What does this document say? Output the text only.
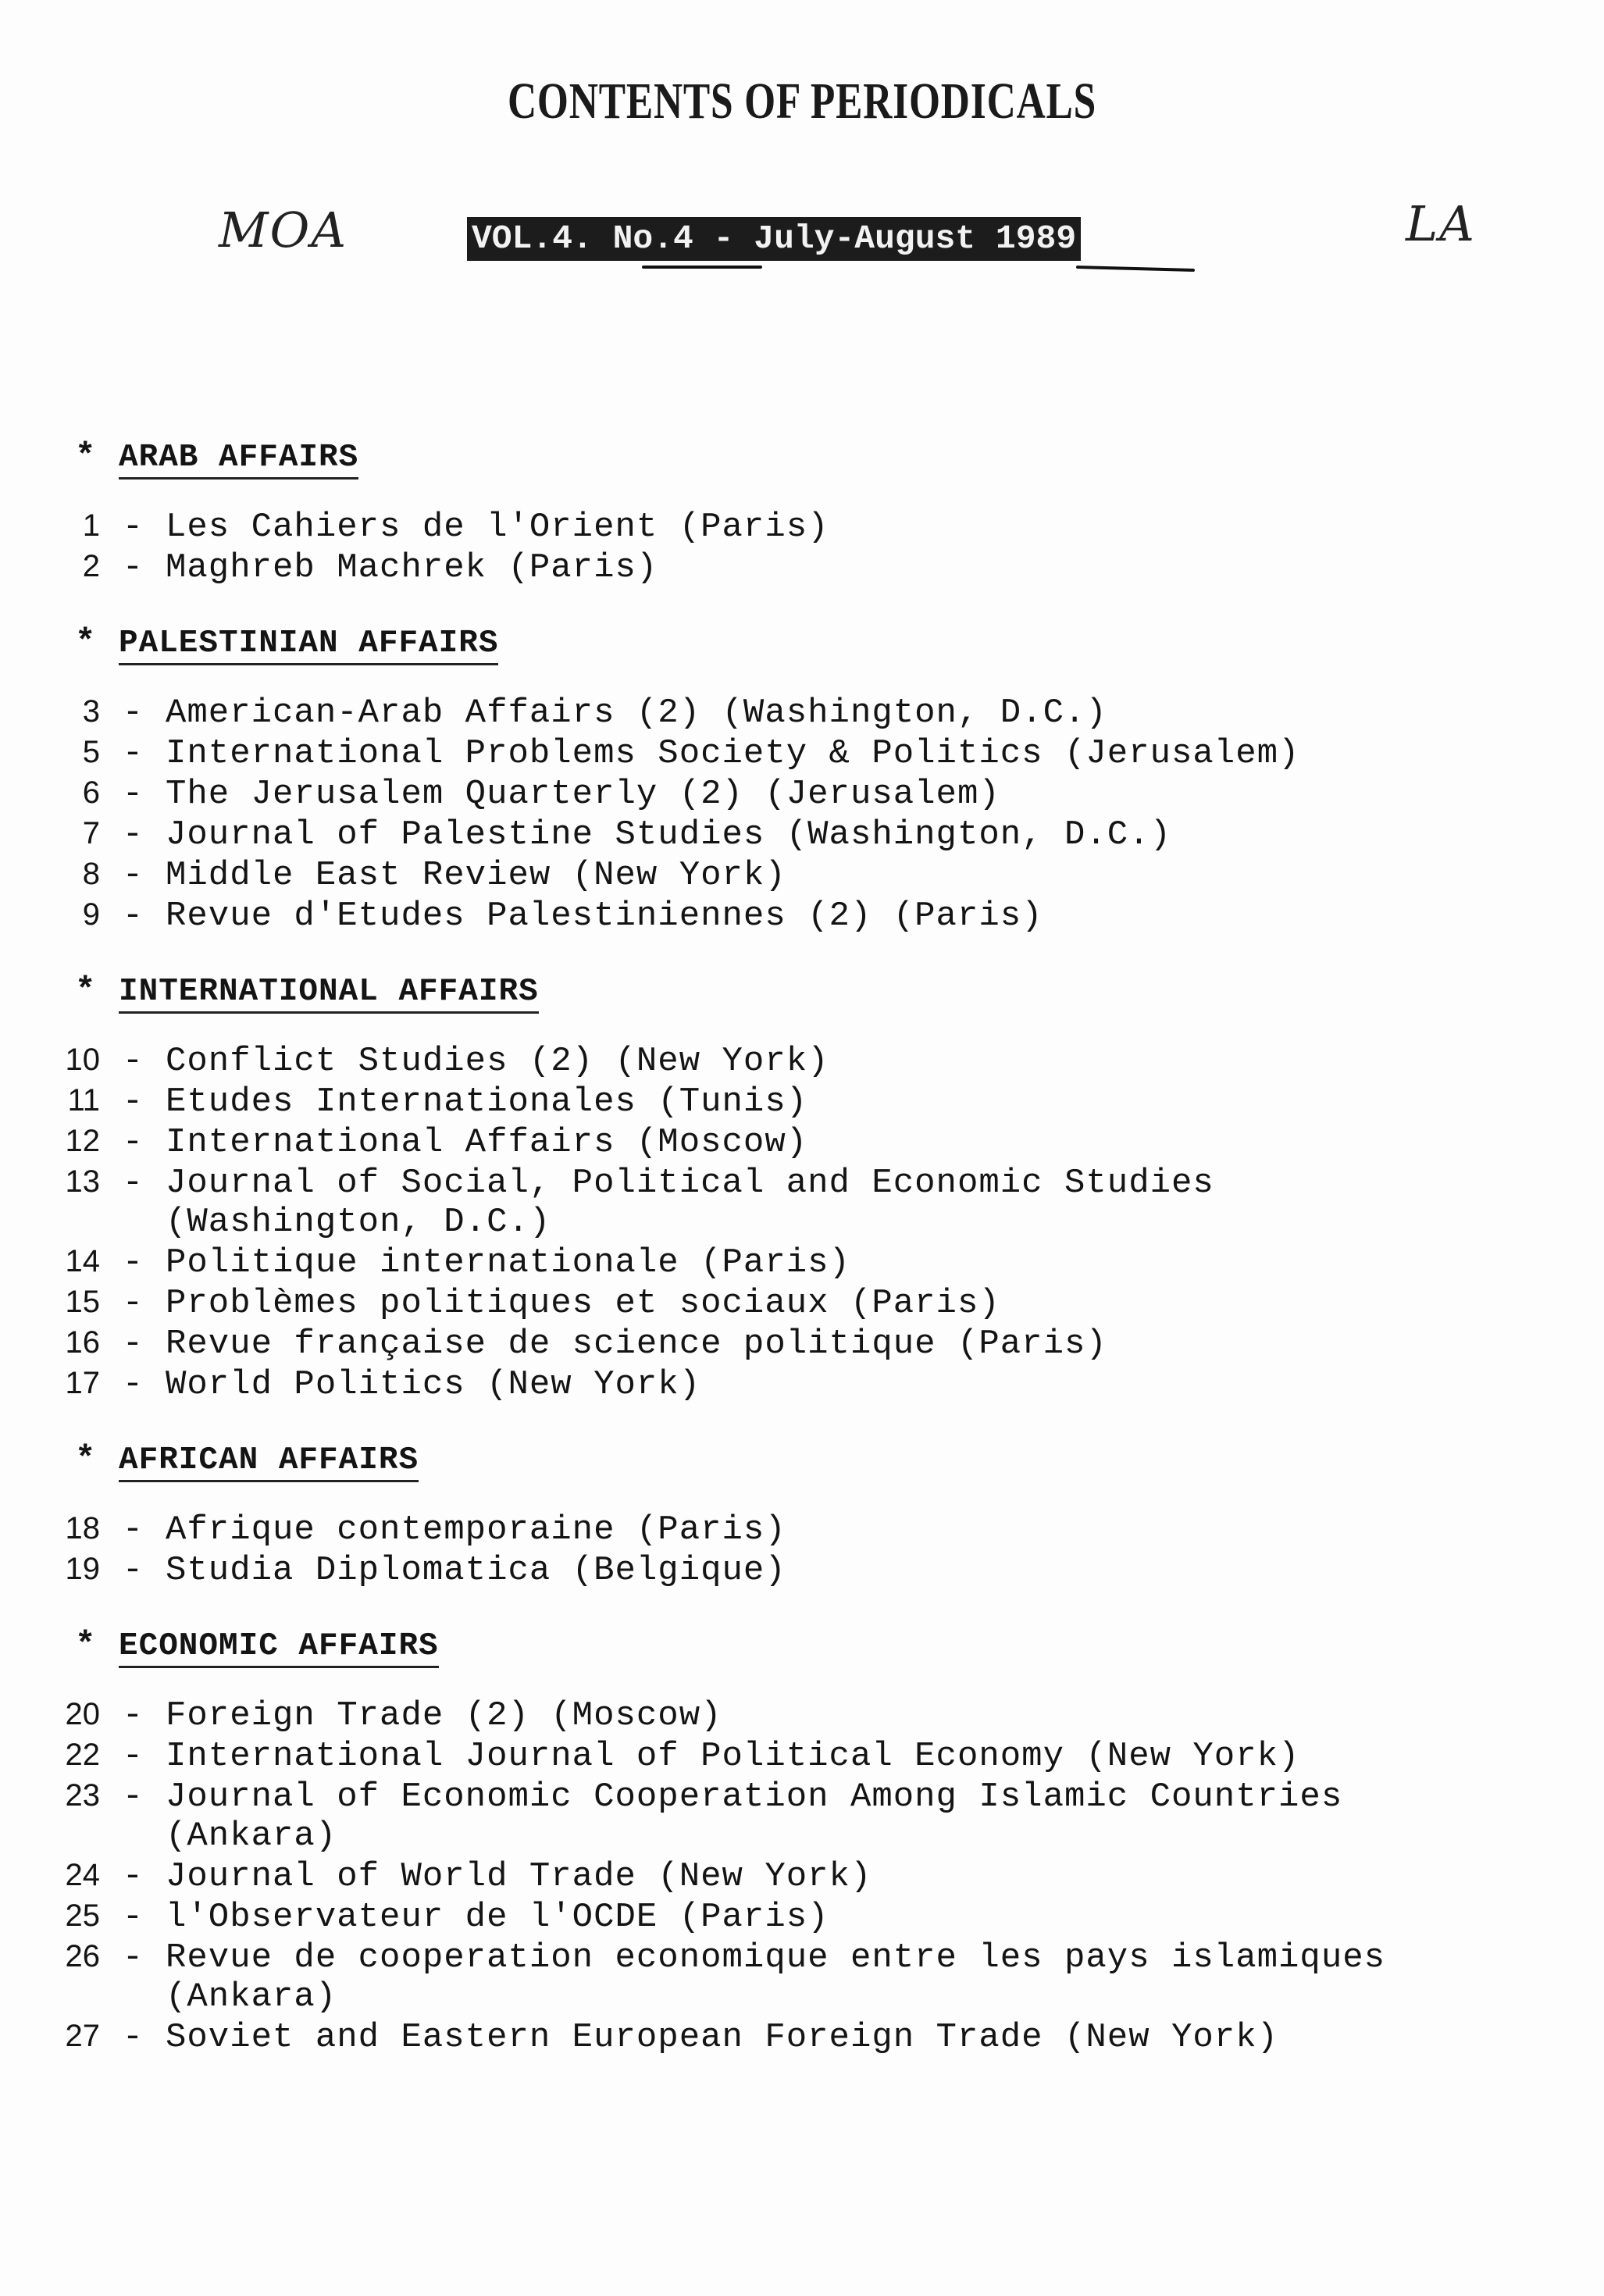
CONTENTS OF PERIODICALS
MOA	VOL.4. No.4 - July-August 1989	LA
* ARAB AFFAIRS
1 - Les Cahiers de l'Orient (Paris)
2 - Maghreb Machrek (Paris)
* PALESTINIAN AFFAIRS
3 - American-Arab Affairs (2) (Washington, D.C.)
5 - International Problems Society & Politics (Jerusalem)
6 - The Jerusalem Quarterly (2) (Jerusalem)
7 - Journal of Palestine Studies (Washington, D.C.)
8 - Middle East Review (New York)
9 - Revue d'Etudes Palestiniennes (2) (Paris)
* INTERNATIONAL AFFAIRS
10 - Conflict Studies (2) (New York)
11 - Etudes Internationales (Tunis)
12 - International Affairs (Moscow)
13 - Journal of Social, Political and Economic Studies
(Washington, D.C.)
14 - Politique internationale (Paris)
15 - Problèmes politiques et sociaux (Paris)
16 - Revue française de science politique (Paris)
17 - World Politics (New York)
* AFRICAN AFFAIRS
18 - Afrique contemporaine (Paris)
19 - Studia Diplomatica (Belgique)
* ECONOMIC AFFAIRS
20 - Foreign Trade (2) (Moscow)
22 - International Journal of Political Economy (New York)
23 - Journal of Economic Cooperation Among Islamic Countries
(Ankara)
24 - Journal of World Trade (New York)
25 - l'Observateur de l'OCDE (Paris)
26 - Revue de cooperation economique entre les pays islamiques
(Ankara)
27 - Soviet and Eastern European Foreign Trade (New York)
